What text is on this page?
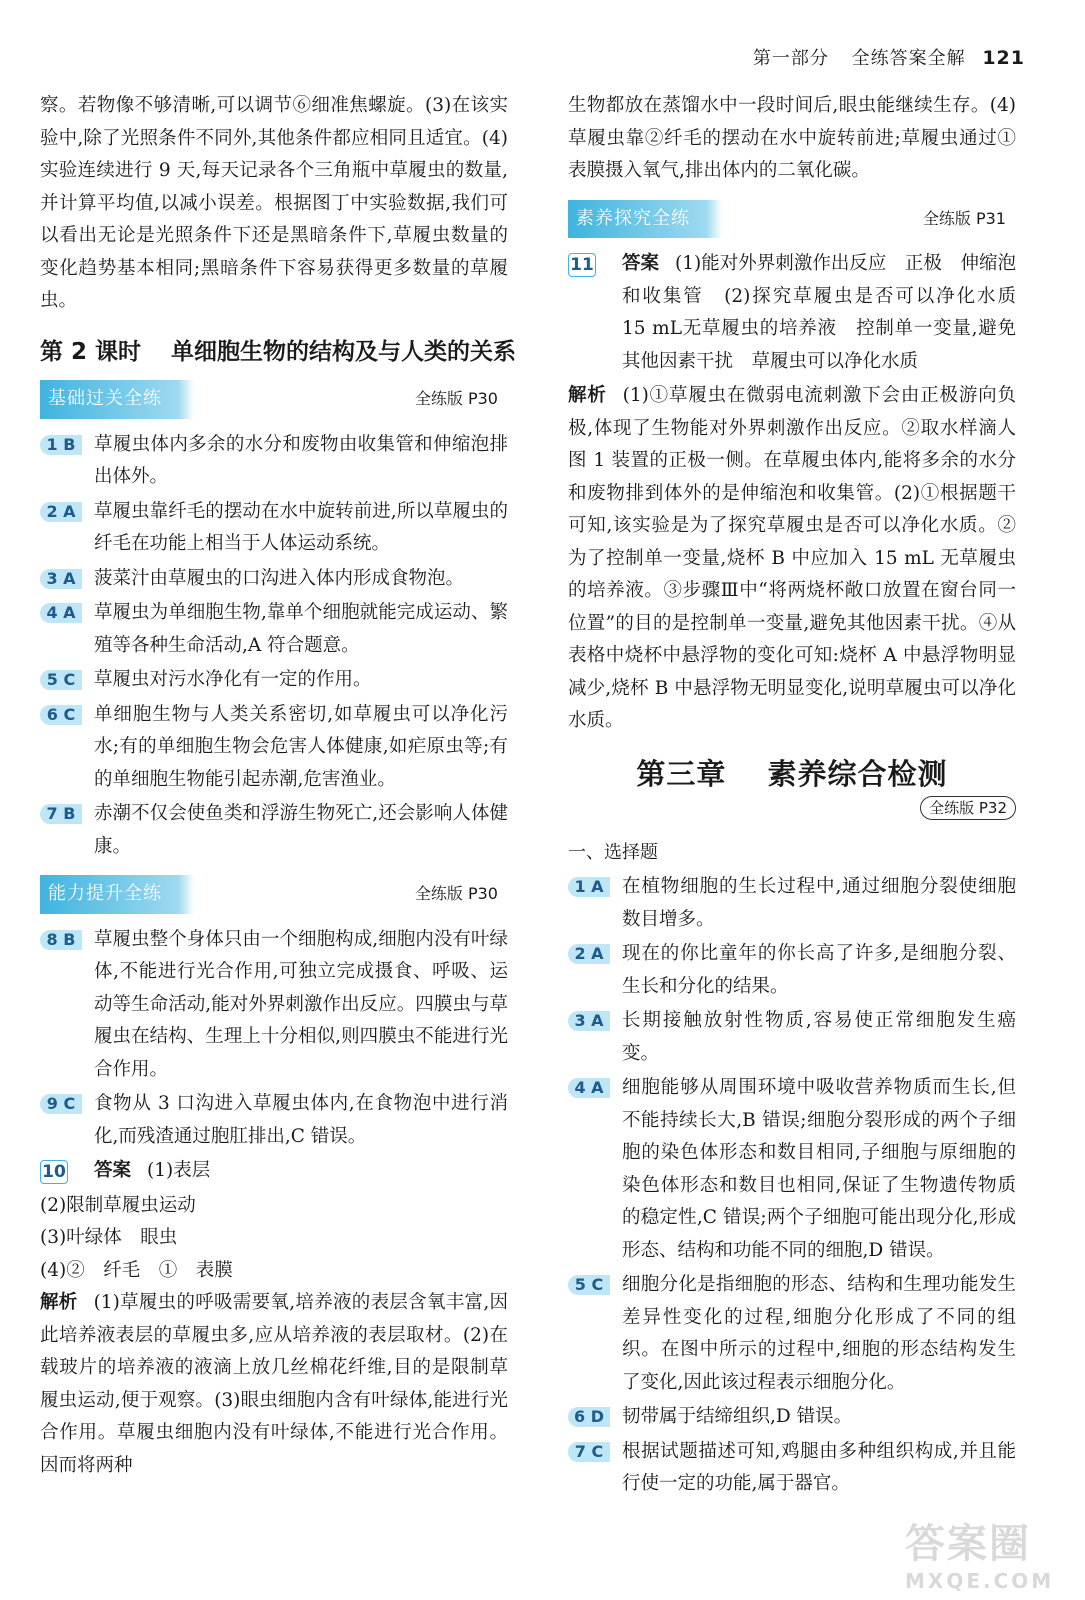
第一部分 全练答案全解 121

察。若物像不够清晰,可以调节⑥细准焦螺旋。(3)在该实验中,除了光照条件不同外,其他条件都应相同且适宜。(4)实验连续进行 9 天,每天记录各个三角瓶中草履虫的数量,并计算平均值,以减小误差。根据图丁中实验数据,我们可以看出无论是光照条件下还是黑暗条件下,草履虫数量的变化趋势基本相同;黑暗条件下容易获得更多数量的草履虫。

第 2 课时 单细胞生物的结构及与人类的关系
基础过关全练	全练版 P30
1 B	草履虫体内多余的水分和废物由收集管和伸缩泡排出体外。
2 A 草履虫靠纤毛的摆动在水中旋转前进,所以草履虫的纤毛在功能上相当于人体运动系统。
3 A 菠菜汁由草履虫的口沟进入体内形成食物泡。
4 A 草履虫为单细胞生物,靠单个细胞就能完成运动、繁殖等各种生命活动,A 符合题意。
5 C	草履虫对污水净化有一定的作用。
6 C	单细胞生物与人类关系密切,如草履虫可以净化污水;有的单细胞生物会危害人体健康,如疟原虫等;有的单细胞生物能引起赤潮,危害渔业。
7 B	赤潮不仅会使鱼类和浮游生物死亡,还会影响人体健康。
能力提升全练	全练版 P30
8 B	草履虫整个身体只由一个细胞构成,细胞内没有叶绿体,不能进行光合作用,可独立完成摄食、呼吸、运动等生命活动,能对外界刺激作出反应。四膜虫与草履虫在结构、生理上十分相似,则四膜虫不能进行光合作用。
9 C	食物从 3 口沟进入草履虫体内,在食物泡中进行消化,而残渣通过胞肛排出,C 错误。
10 答案 (1)表层

(2)限制草履虫运动

(3)叶绿体　眼虫

(4)②　纤毛　①　表膜

解析 (1)草履虫的呼吸需要氧,培养液的表层含氧丰富,因此培养液表层的草履虫多,应从培养液的表层取材。(2)在载玻片的培养液的液滴上放几丝棉花纤维,目的是限制草履虫运动,便于观察。(3)眼虫细胞内含有叶绿体,能进行光合作用。草履虫细胞内没有叶绿体,不能进行光合作用。因而将两种

生物都放在蒸馏水中一段时间后,眼虫能继续生存。(4)草履虫靠②纤毛的摆动在水中旋转前进;草履虫通过①表膜摄入氧气,排出体内的二氧化碳。

素养探究全练	全练版 P31
11 答案 (1)能对外界刺激作出反应　正极　伸缩泡和收集管　(2)探究草履虫是否可以净化水质　15 mL无草履虫的培养液　控制单一变量,避免其他因素干扰　草履虫可以净化水质

解析 (1)①草履虫在微弱电流刺激下会由正极游向负极,体现了生物能对外界刺激作出反应。②取水样滴人图 1 装置的正极一侧。在草履虫体内,能将多余的水分和废物排到体外的是伸缩泡和收集管。(2)①根据题干可知,该实验是为了探究草履虫是否可以净化水质。②为了控制单一变量,烧杯 B 中应加入 15 mL 无草履虫的培养液。③步骤Ⅲ中“将两烧杯敞口放置在窗台同一位置”的目的是控制单一变量,避免其他因素干扰。④从表格中烧杯中悬浮物的变化可知:烧杯 A 中悬浮物明显减少,烧杯 B 中悬浮物无明显变化,说明草履虫可以净化水质。

第三章 素养综合检测
全练版 P32
一、选择题
1 A 在植物细胞的生长过程中,通过细胞分裂使细胞数目增多。
2 A 现在的你比童年的你长高了许多,是细胞分裂、生长和分化的结果。
3 A 长期接触放射性物质,容易使正常细胞发生癌变。
4 A 细胞能够从周围环境中吸收营养物质而生长,但不能持续长大,B 错误;细胞分裂形成的两个子细胞的染色体形态和数目相同,子细胞与原细胞的染色体形态和数目也相同,保证了生物遗传物质的稳定性,C 错误;两个子细胞可能出现分化,形成形态、结构和功能不同的细胞,D 错误。
5 C	细胞分化是指细胞的形态、结构和生理功能发生差异性变化的过程,细胞分化形成了不同的组织。在图中所示的过程中,细胞的形态结构发生了变化,因此该过程表示细胞分化。
6 D 韧带属于结缔组织,D 错误。
7 C	根据试题描述可知,鸡腿由多种组织构成,并且能行使一定的功能,属于器官。
答案圈
MXQE.COM
